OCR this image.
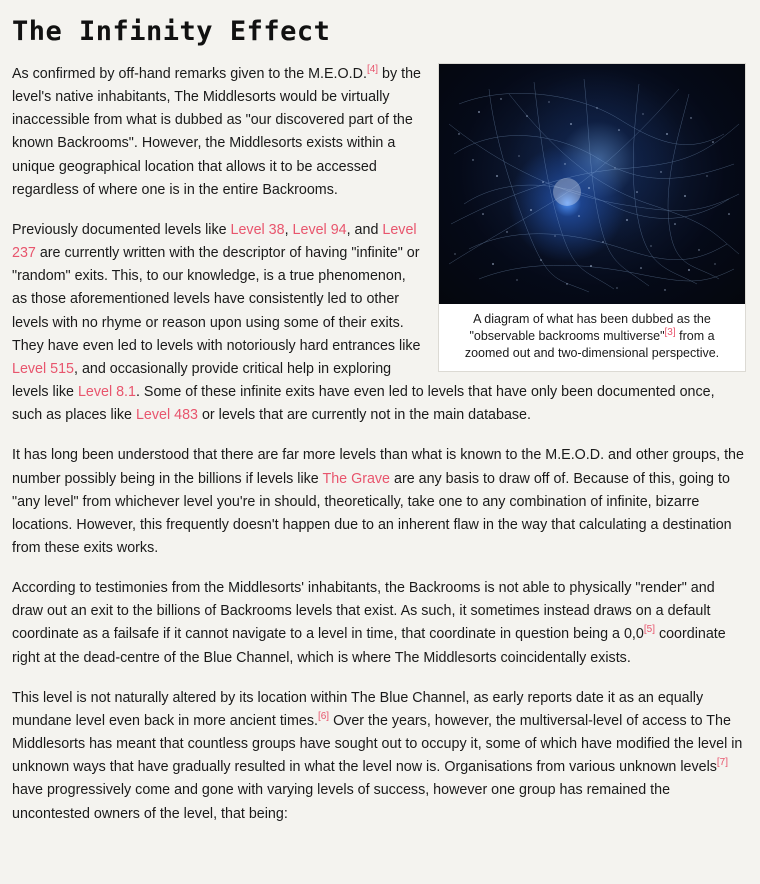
The Infinity Effect
A diagram of what has been dubbed as the "observable backrooms multiverse"[3] from a zoomed out and two-dimensional perspective.

As confirmed by off-hand remarks given to the M.E.O.D.[4] by the level's native inhabitants, The Middlesorts would be virtually inaccessible from what is dubbed as "our discovered part of the known Backrooms". However, the Middlesorts exists within a unique geographical location that allows it to be accessed regardless of where one is in the entire Backrooms.

Previously documented levels like Level 38, Level 94, and Level 237 are currently written with the descriptor of having "infinite" or "random" exits. This, to our knowledge, is a true phenomenon, as those aforementioned levels have consistently led to other levels with no rhyme or reason upon using some of their exits. They have even led to levels with notoriously hard entrances like Level 515, and occasionally provide critical help in exploring levels like Level 8.1. Some of these infinite exits have even led to levels that have only been documented once, such as places like Level 483 or levels that are currently not in the main database.

It has long been understood that there are far more levels than what is known to the M.E.O.D. and other groups, the number possibly being in the billions if levels like The Grave are any basis to draw off of. Because of this, going to "any level" from whichever level you're in should, theoretically, take one to any combination of infinite, bizarre locations. However, this frequently doesn't happen due to an inherent flaw in the way that calculating a destination from these exits works.

According to testimonies from the Middlesorts' inhabitants, the Backrooms is not able to physically "render" and draw out an exit to the billions of Backrooms levels that exist. As such, it sometimes instead draws on a default coordinate as a failsafe if it cannot navigate to a level in time, that coordinate in question being a 0,0[5] coordinate right at the dead-centre of the Blue Channel, which is where The Middlesorts coincidentally exists.

This level is not naturally altered by its location within The Blue Channel, as early reports date it as an equally mundane level even back in more ancient times.[6] Over the years, however, the multiversal-level of access to The Middlesorts has meant that countless groups have sought out to occupy it, some of which have modified the level in unknown ways that have gradually resulted in what the level now is. Organisations from various unknown levels[7] have progressively come and gone with varying levels of success, however one group has remained the uncontested owners of the level, that being:
